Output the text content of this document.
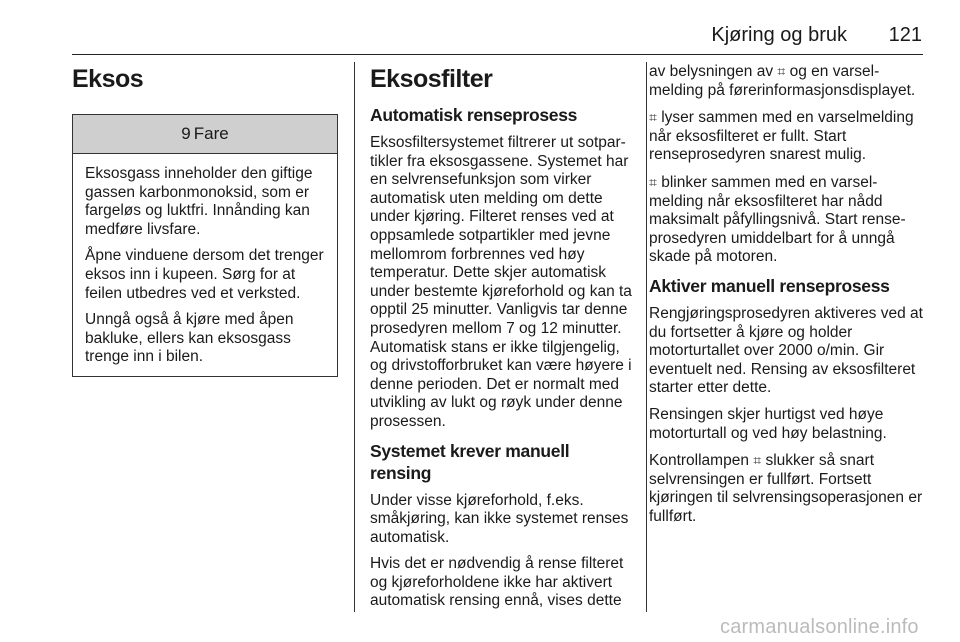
Kjøring og bruk 121
Eksos
9 Fare

Eksosgass inneholder den giftige gassen karbonmonoksid, som er fargeløs og luktfri. Innånding kan medføre livsfare.

Åpne vinduene dersom det trenger eksos inn i kupeen. Sørg for at feilen utbedres ved et verksted.

Unngå også å kjøre med åpen bakluke, ellers kan eksosgass trenge inn i bilen.

Eksosfilter
Automatisk renseprosess

Eksosfiltersystemet filtrerer ut sotpartikler fra eksosgassene. Systemet har en selvrensefunksjon som virker automatisk uten melding om dette under kjøring. Filteret renses ved at oppsamlede sotpartikler med jevne mellomrom forbrennes ved høy temperatur. Dette skjer automatisk under bestemte kjøreforhold og kan ta opptil 25 minutter. Vanligvis tar denne prosedyren mellom 7 og 12 minutter. Automatisk stans er ikke tilgjengelig, og drivstofforbruket kan være høyere i denne perioden. Det er normalt med utvikling av lukt og røyk under denne prosessen.

Systemet krever manuell rensing

Under visse kjøreforhold, f.eks. småkjøring, kan ikke systemet renses automatisk.

Hvis det er nødvendig å rense filteret og kjøreforholdene ikke har aktivert automatisk rensing ennå, vises dette

av belysningen av ⌗ og en varselmelding på førerinformasjonsdisplayet.

⌗ lyser sammen med en varselmelding når eksosfilteret er fullt. Start renseprosedyren snarest mulig.

⌗ blinker sammen med en varselmelding når eksosfilteret har nådd maksimalt påfyllingsnivå. Start renseprosedyren umiddelbart for å unngå skade på motoren.

Aktiver manuell renseprosess

Rengjøringsprosedyren aktiveres ved at du fortsetter å kjøre og holder motorturtallet over 2000 o/min. Gir eventuelt ned. Rensing av eksosfilteret starter etter dette.

Rensingen skjer hurtigst ved høye motorturtall og ved høy belastning.

Kontrollampen ⌗ slukker så snart selvrensingen er fullført. Fortsett kjøringen til selvrensingsoperasjonen er fullført.

carmanualsonline.info
